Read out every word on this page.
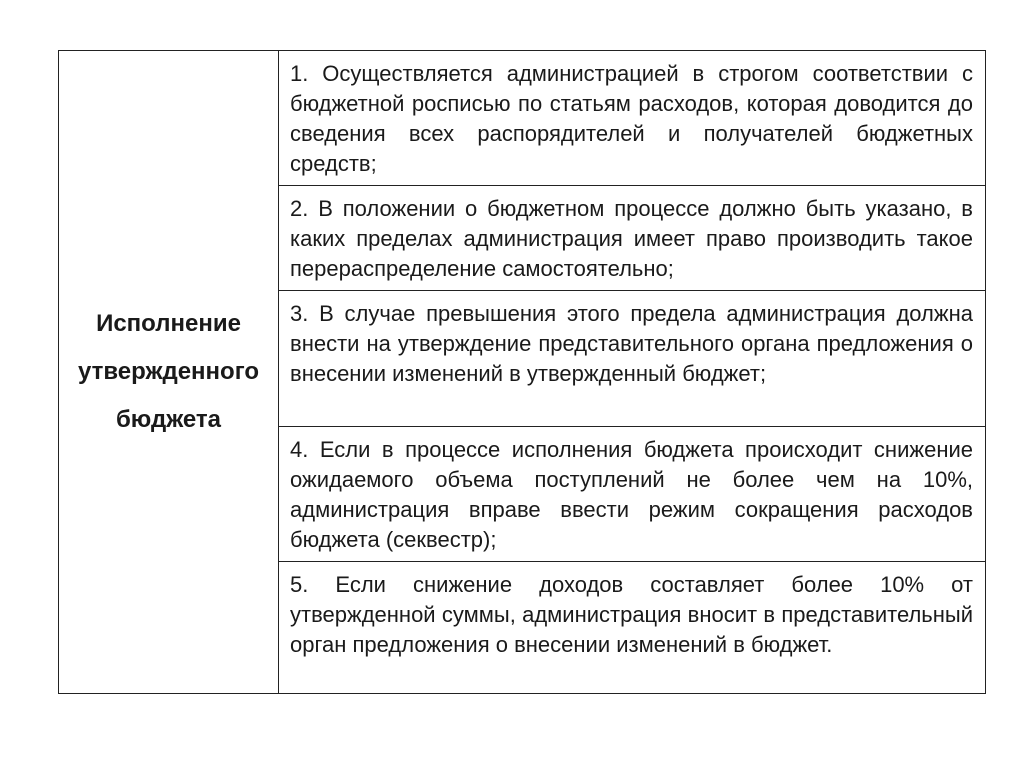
Исполнение утвержденного бюджета

1. Осуществляется администрацией в строгом соответствии с бюджетной росписью по статьям расходов, которая доводится до сведения всех распорядителей и получателей бюджетных средств;

2. В положении о бюджетном процессе должно быть указано, в каких пределах администрация имеет право производить такое перераспределение самостоятельно;

3. В случае превышения этого предела администрация должна внести на утверждение представительного органа предложения о внесении изменений в утвержденный бюджет;

4. Если в процессе исполнения бюджета происходит снижение ожидаемого объема поступлений не более чем на 10%, администрация вправе ввести режим сокращения расходов бюджета (секвестр);

5. Если снижение доходов составляет более 10% от утвержденной суммы, администрация вносит в представительный орган предложения о внесении изменений в бюджет.
